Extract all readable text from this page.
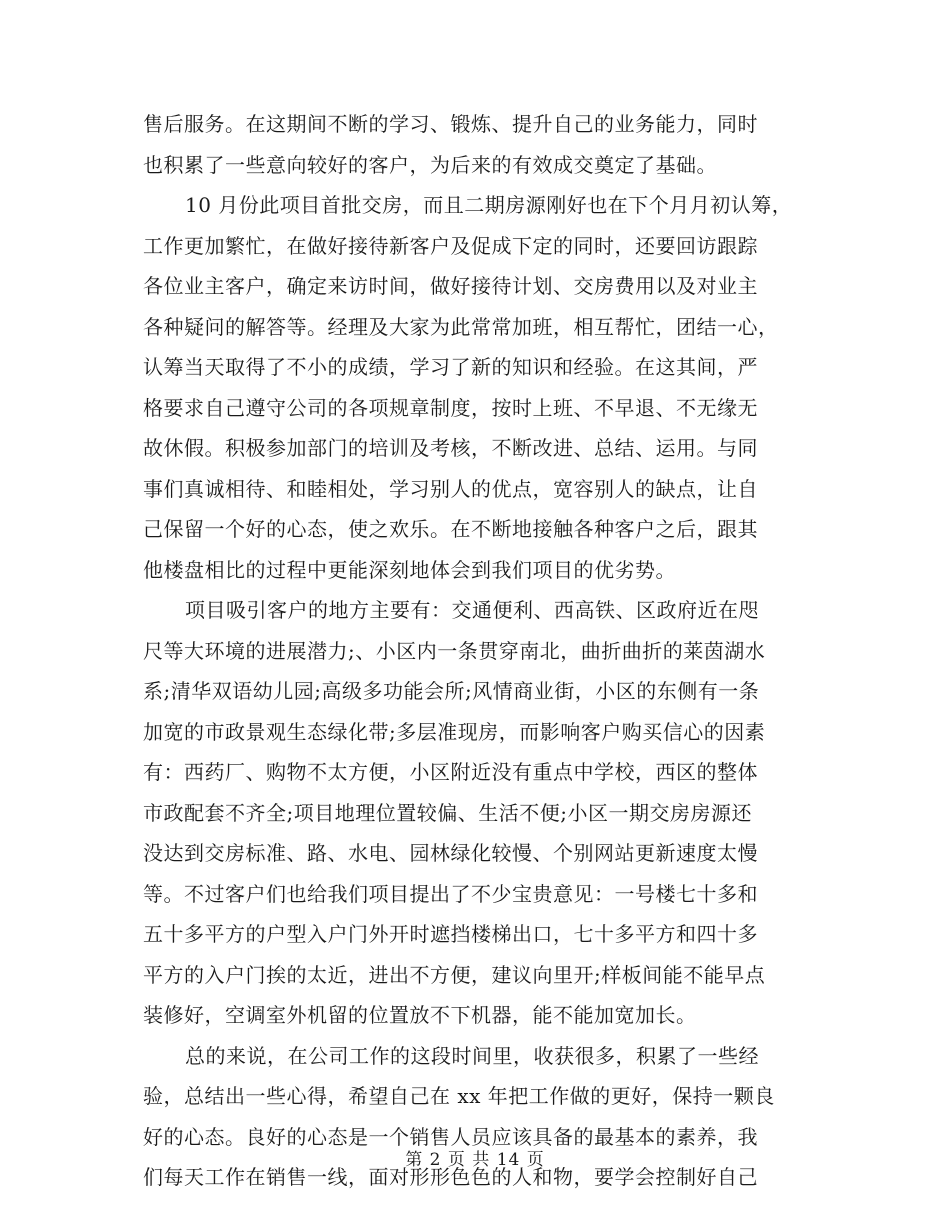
售后服务。在这期间不断的学习、锻炼、提升自己的业务能力，同时
也积累了一些意向较好的客户，为后来的有效成交奠定了基础。
10 月份此项目首批交房，而且二期房源刚好也在下个月月初认筹，
工作更加繁忙，在做好接待新客户及促成下定的同时，还要回访跟踪
各位业主客户，确定来访时间，做好接待计划、交房费用以及对业主
各种疑问的解答等。经理及大家为此常常加班，相互帮忙，团结一心，
认筹当天取得了不小的成绩，学习了新的知识和经验。在这其间，严
格要求自己遵守公司的各项规章制度，按时上班、不早退、不无缘无
故休假。积极参加部门的培训及考核，不断改进、总结、运用。与同
事们真诚相待、和睦相处，学习别人的优点，宽容别人的缺点，让自
己保留一个好的心态，使之欢乐。在不断地接触各种客户之后，跟其
他楼盘相比的过程中更能深刻地体会到我们项目的优劣势。
项目吸引客户的地方主要有：交通便利、西高铁、区政府近在咫
尺等大环境的进展潜力;、小区内一条贯穿南北，曲折曲折的莱茵湖水
系;清华双语幼儿园;高级多功能会所;风情商业街，小区的东侧有一条
加宽的市政景观生态绿化带;多层准现房，而影响客户购买信心的因素
有：西药厂、购物不太方便，小区附近没有重点中学校，西区的整体
市政配套不齐全;项目地理位置较偏、生活不便;小区一期交房房源还
没达到交房标准、路、水电、园林绿化较慢、个别网站更新速度太慢
等。不过客户们也给我们项目提出了不少宝贵意见：一号楼七十多和
五十多平方的户型入户门外开时遮挡楼梯出口，七十多平方和四十多
平方的入户门挨的太近，进出不方便，建议向里开;样板间能不能早点
装修好，空调室外机留的位置放不下机器，能不能加宽加长。
总的来说，在公司工作的这段时间里，收获很多，积累了一些经
验，总结出一些心得，希望自己在 xx 年把工作做的更好，保持一颗良
好的心态。良好的心态是一个销售人员应该具备的最基本的素养，我
们每天工作在销售一线，面对形形色色的人和物，要学会控制好自己
第 2 页 共 14 页
